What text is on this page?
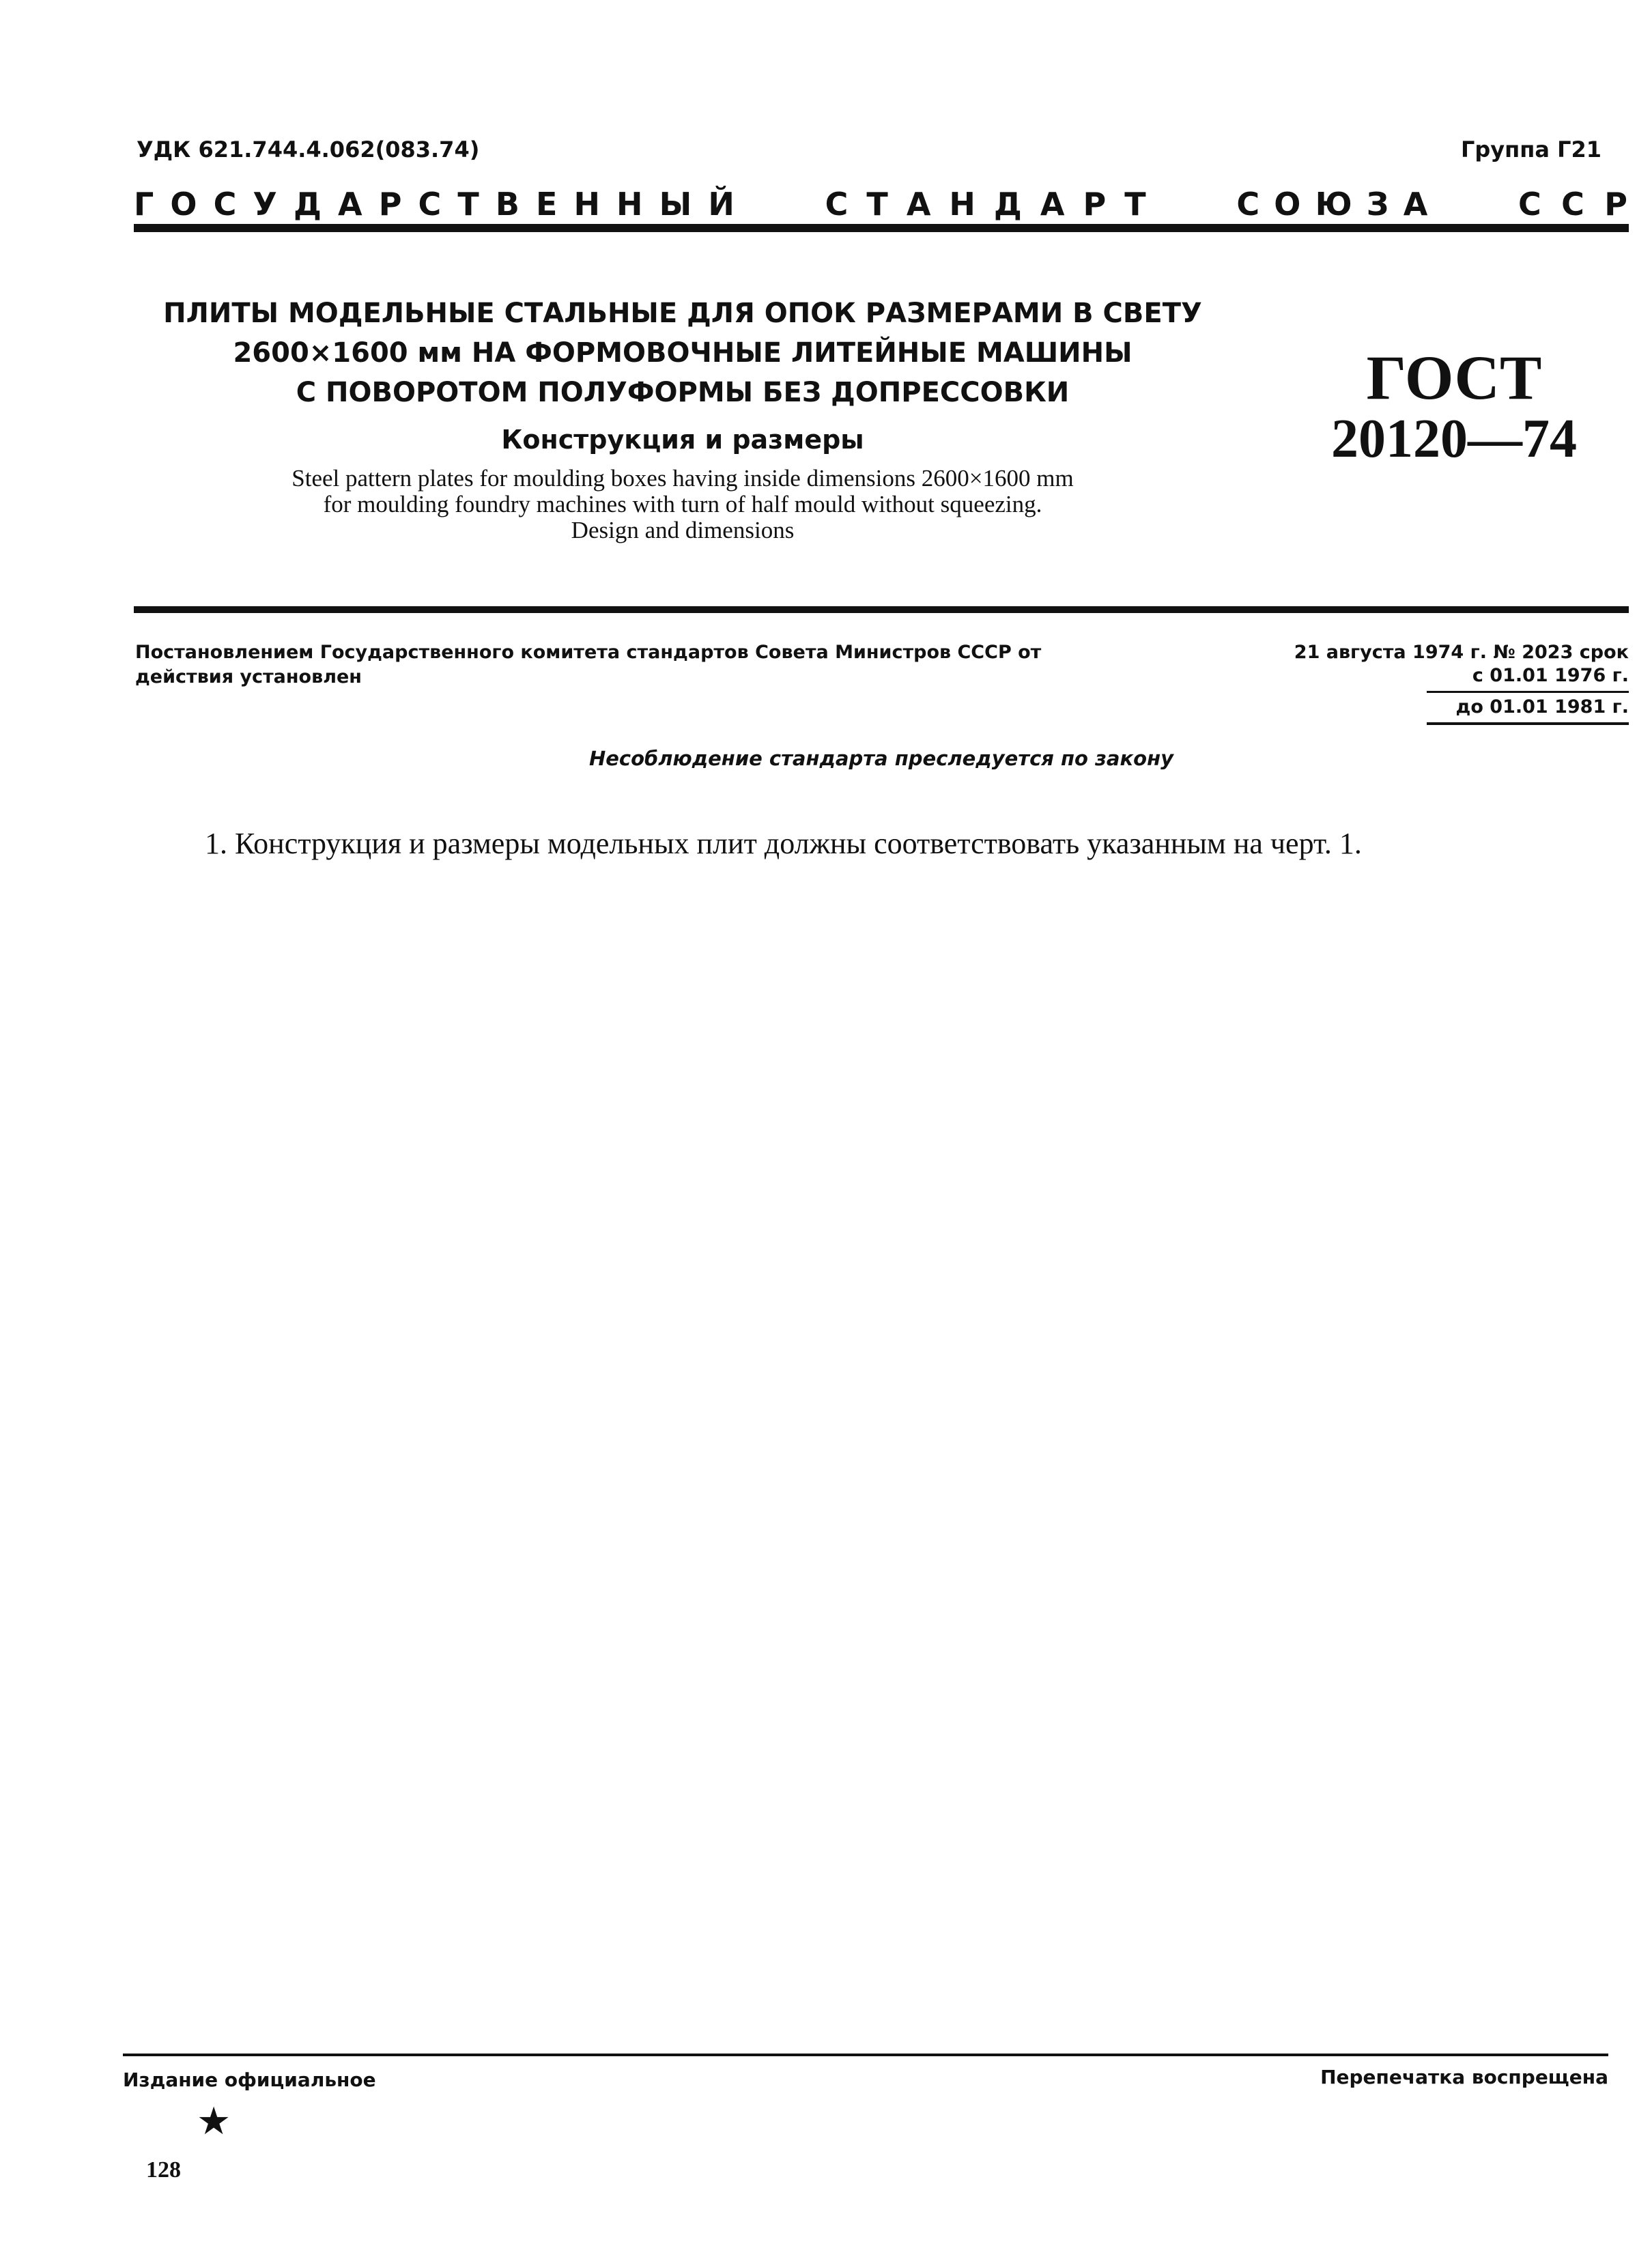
УДК 621.744.4.062(083.74)	Группа Г21
Г О С У Д А Р С Т В Е Н Н Ы Й	С Т А Н Д А Р Т	С О Ю З А	С С Р
ПЛИТЫ МОДЕЛЬНЫЕ СТАЛЬНЫЕ ДЛЯ ОПОК РАЗМЕРАМИ В СВЕТУ
2600×1600 мм НА ФОРМОВОЧНЫЕ ЛИТЕЙНЫЕ МАШИНЫ
С ПОВОРОТОМ ПОЛУФОРМЫ БЕЗ ДОПРЕССОВКИ
Конструкция и размеры
Steel pattern plates for moulding boxes having inside dimensions 2600×1600 mm
for moulding foundry machines with turn of half mould without squeezing.
Design and dimensions
ГОСТ
20120—74
Постановлением Государственного комитета стандартов Совета Министров СССР от
действия установлен
21 августа 1974 г. № 2023 срок
с 01.01 1976 г.
до 01.01 1981 г.
Несоблюдение стандарта преследуется по закону
1. Конструкция и размеры модельных плит должны соответствовать указанным на черт. 1.
Издание официальное	Перепечатка воспрещена
★
128
